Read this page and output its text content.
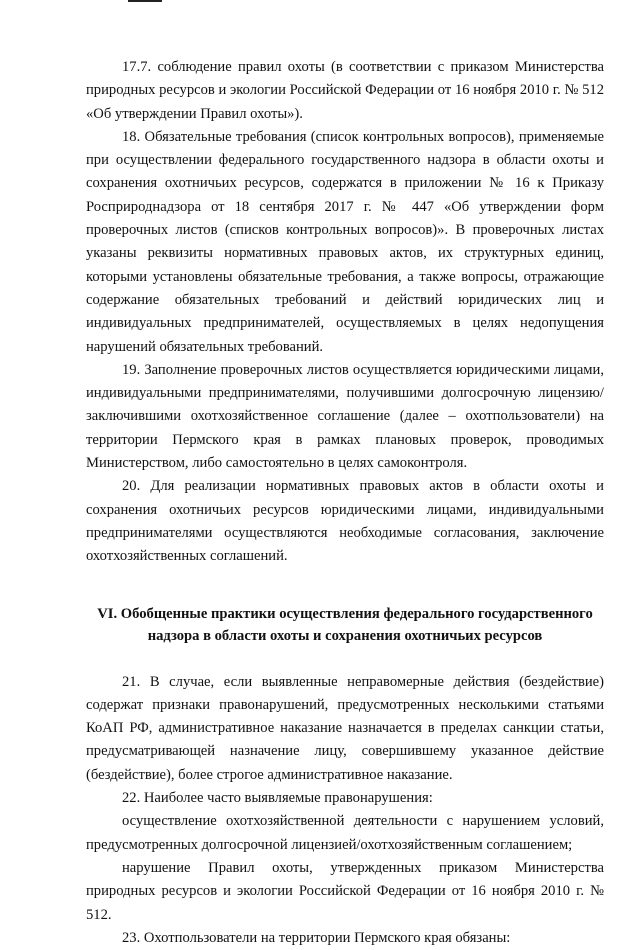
17.7. соблюдение правил охоты (в соответствии с приказом Министерства природных ресурсов и экологии Российской Федерации от 16 ноября 2010 г. № 512 «Об утверждении Правил охоты»).

18. Обязательные требования (список контрольных вопросов), применяемые при осуществлении федерального государственного надзора в области охоты и сохранения охотничьих ресурсов, содержатся в приложении № 16 к Приказу Росприроднадзора от 18 сентября 2017 г. № 447 «Об утверждении форм проверочных листов (списков контрольных вопросов)». В проверочных листах указаны реквизиты нормативных правовых актов, их структурных единиц, которыми установлены обязательные требования, а также вопросы, отражающие содержание обязательных требований и действий юридических лиц и индивидуальных предпринимателей, осуществляемых в целях недопущения нарушений обязательных требований.

19. Заполнение проверочных листов осуществляется юридическими лицами, индивидуальными предпринимателями, получившими долгосрочную лицензию/заключившими охотхозяйственное соглашение (далее – охотпользователи) на территории Пермского края в рамках плановых проверок, проводимых Министерством, либо самостоятельно в целях самоконтроля.

20. Для реализации нормативных правовых актов в области охоты и сохранения охотничьих ресурсов юридическими лицами, индивидуальными предпринимателями осуществляются необходимые согласования, заключение охотхозяйственных соглашений.

VI. Обобщенные практики осуществления федерального государственного надзора в области охоты и сохранения охотничьих ресурсов

21. В случае, если выявленные неправомерные действия (бездействие) содержат признаки правонарушений, предусмотренных несколькими статьями КоАП РФ, административное наказание назначается в пределах санкции статьи, предусматривающей назначение лицу, совершившему указанное действие (бездействие), более строгое административное наказание.

22. Наиболее часто выявляемые правонарушения:

осуществление охотхозяйственной деятельности с нарушением условий, предусмотренных долгосрочной лицензией/охотхозяйственным соглашением;

нарушение Правил охоты, утвержденных приказом Министерства природных ресурсов и экологии Российской Федерации от 16 ноября 2010 г. № 512.

23. Охотпользователи на территории Пермского края обязаны:
